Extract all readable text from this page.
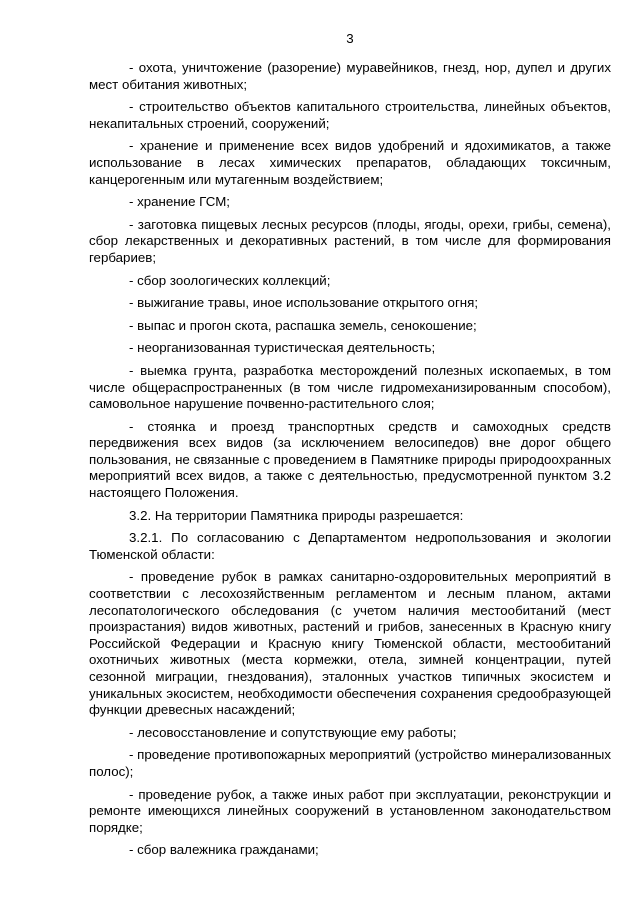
3

- охота, уничтожение (разорение) муравейников, гнезд, нор, дупел и других мест обитания животных;

- строительство объектов капитального строительства, линейных объектов, некапитальных строений, сооружений;

- хранение и применение всех видов удобрений и ядохимикатов, а также использование в лесах химических препаратов, обладающих токсичным, канцерогенным или мутагенным воздействием;

- хранение ГСМ;

- заготовка пищевых лесных ресурсов (плоды, ягоды, орехи, грибы, семена), сбор лекарственных и декоративных растений, в том числе для формирования гербариев;

- сбор зоологических коллекций;

- выжигание травы, иное использование открытого огня;

- выпас и прогон скота, распашка земель, сенокошение;

- неорганизованная туристическая деятельность;

- выемка грунта, разработка месторождений полезных ископаемых, в том числе общераспространенных (в том числе гидромеханизированным способом), самовольное нарушение почвенно-растительного слоя;

- стоянка и проезд транспортных средств и самоходных средств передвижения всех видов (за исключением велосипедов) вне дорог общего пользования, не связанные с проведением в Памятнике природы природоохранных мероприятий всех видов, а также с деятельностью, предусмотренной пунктом 3.2 настоящего Положения.

3.2. На территории Памятника природы разрешается:

3.2.1. По согласованию с Департаментом недропользования и экологии Тюменской области:

- проведение рубок в рамках санитарно-оздоровительных мероприятий в соответствии с лесохозяйственным регламентом и лесным планом, актами лесопатологического обследования (с учетом наличия местообитаний (мест произрастания) видов животных, растений и грибов, занесенных в Красную книгу Российской Федерации и Красную книгу Тюменской области, местообитаний охотничьих животных (места кормежки, отела, зимней концентрации, путей сезонной миграции, гнездования), эталонных участков типичных экосистем и уникальных экосистем, необходимости обеспечения сохранения средообразующей функции древесных насаждений;

- лесовосстановление и сопутствующие ему работы;

- проведение противопожарных мероприятий (устройство минерализованных полос);

- проведение рубок, а также иных работ при эксплуатации, реконструкции и ремонте имеющихся линейных сооружений в установленном законодательством порядке;

- сбор валежника гражданами;
